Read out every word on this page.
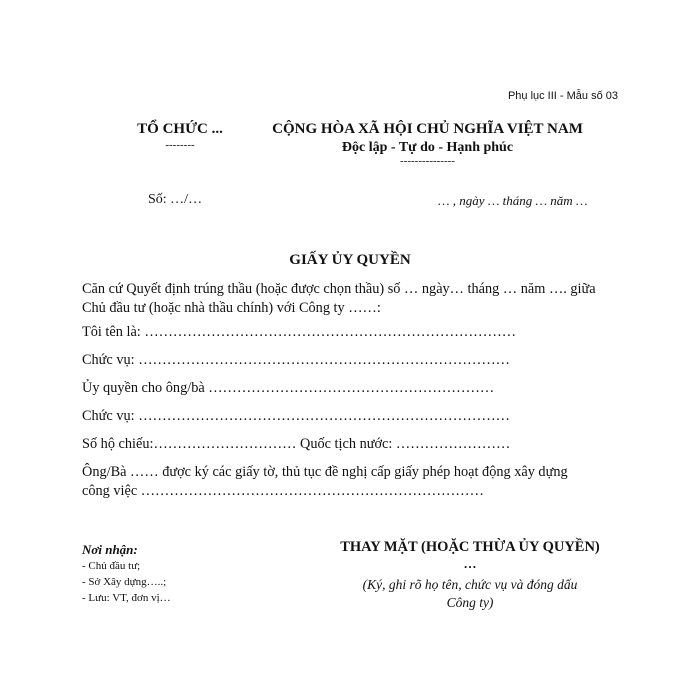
Phụ lục III - Mẫu số 03
TỔ CHỨC ...
--------
CỘNG HÒA XÃ HỘI CHỦ NGHĨA VIỆT NAM
Độc lập - Tự do - Hạnh phúc
---------------
Số: …/…	… , ngày … tháng … năm …
GIẤY ỦY QUYỀN
Căn cứ Quyết định trúng thầu (hoặc được chọn thầu) số … ngày… tháng … năm …. giữa
Chủ đầu tư (hoặc nhà thầu chính) với Công ty ……:
Tôi tên là: ……………………………………………………………………
Chức vụ: ……………………………………………………………………
Ủy quyền cho ông/bà ……………………………………………………
Chức vụ: ……………………………………………………………………
Số hộ chiếu:………………………… Quốc tịch nước: ……………………
Ông/Bà …… được ký các giấy tờ, thủ tục đề nghị cấp giấy phép hoạt động xây dựng
công việc ………………………………………………………………
Nơi nhận:
- Chủ đầu tư;
- Sở Xây dựng…..;
- Lưu: VT, đơn vị…
THAY MẶT (HOẶC THỪA ỦY QUYỀN)
…
(Ký, ghi rõ họ tên, chức vụ và đóng dấu
Công ty)
